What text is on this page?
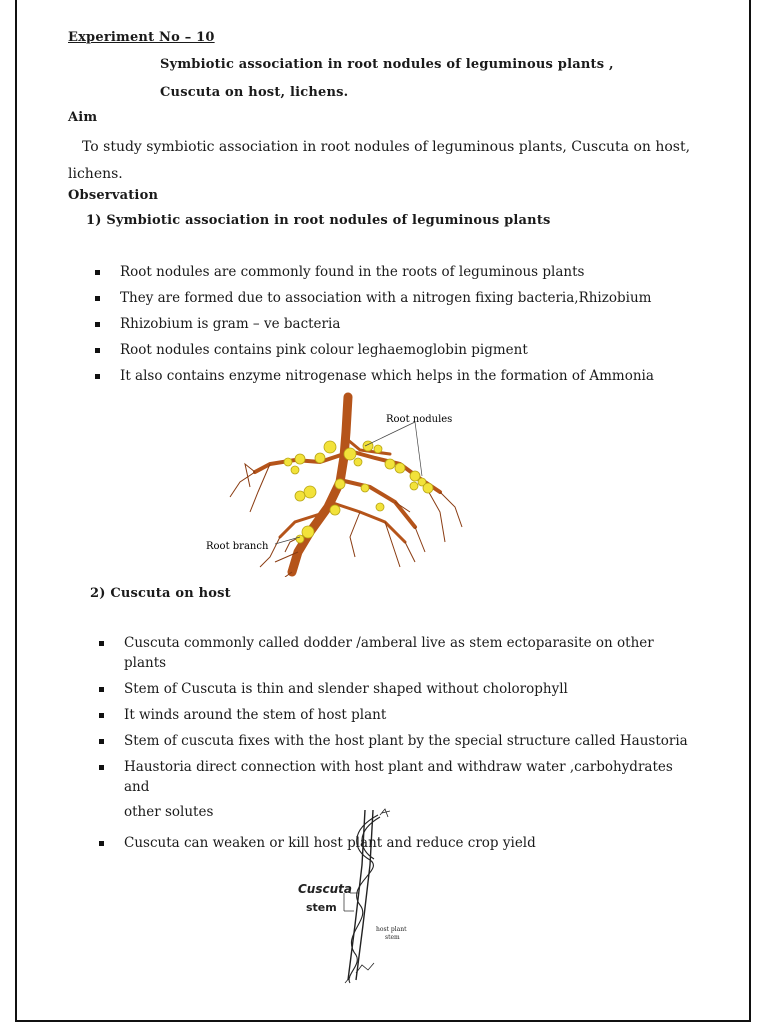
Experiment No – 10
Symbiotic association in root nodules of leguminous plants ,
Cuscuta on host, lichens.
Aim
To study symbiotic association in root nodules of leguminous plants, Cuscuta on host,
lichens.
Observation
1) Symbiotic association in root nodules of leguminous plants
Root nodules are commonly found in the roots of leguminous plants
They are formed due to association with a nitrogen fixing bacteria,Rhizobium
Rhizobium is gram – ve bacteria
Root nodules contains pink colour leghaemoglobin pigment
It also contains enzyme nitrogenase which helps in the formation of Ammonia
Root nodules
Root branch
2) Cuscuta on host
Cuscuta commonly called dodder /amberal live as stem ectoparasite on other plants
Stem of Cuscuta is thin and slender shaped without cholorophyll
It winds around the stem of host plant
Stem of cuscuta fixes with the host plant by the special structure called Haustoria
Haustoria direct connection with host plant and withdraw water ,carbohydrates and
other solutes
Cuscuta can weaken or kill host plant and reduce crop yield
Cuscuta
stem
host plant
stem
